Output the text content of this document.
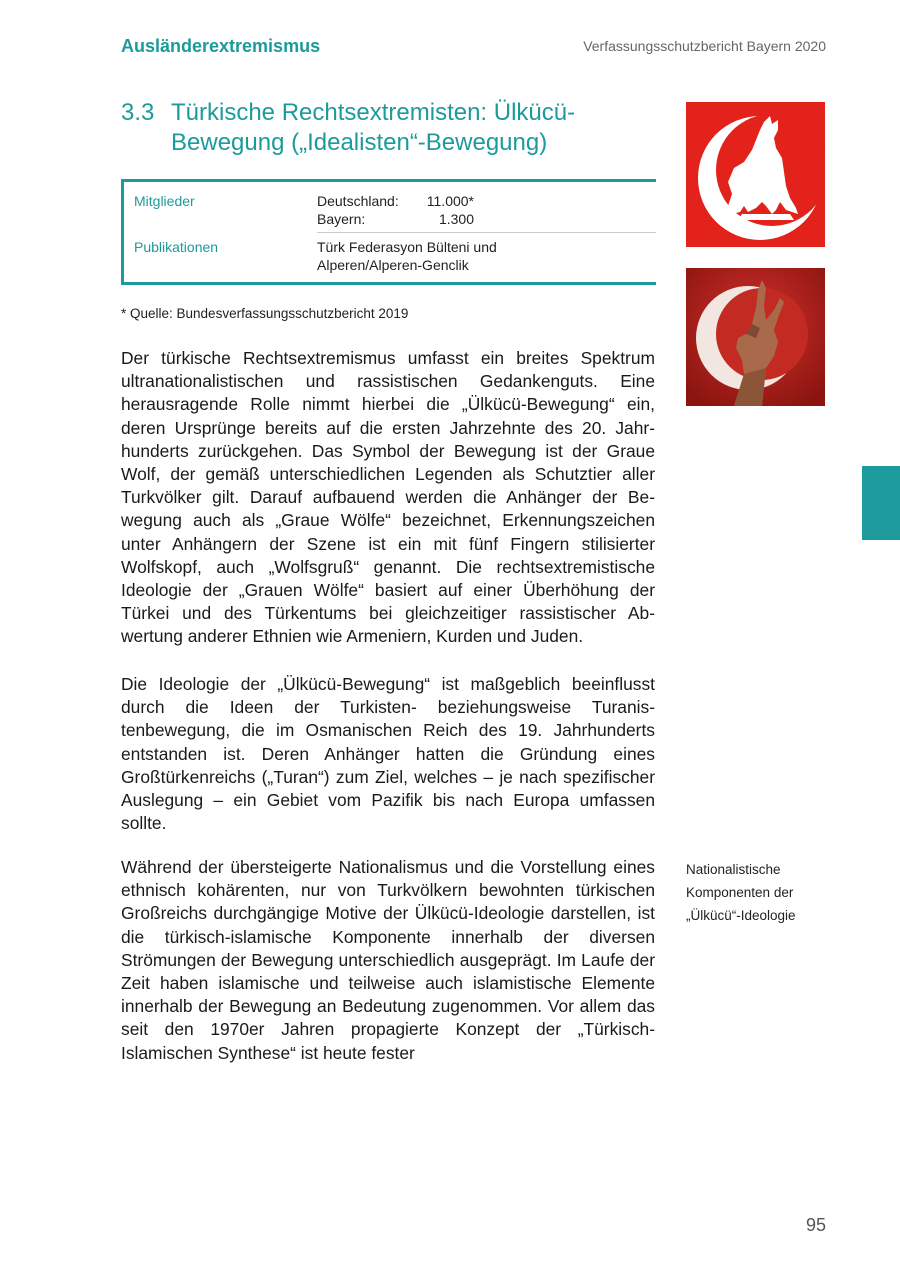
Ausländerextremismus	Verfassungsschutzbericht Bayern 2020
3.3 Türkische Rechtsextremisten: Ülkücü-
Bewegung („Idealisten“-Bewegung)
Mitglieder	Deutschland: 11.000*
Bayern:	1.300
Publikationen	Türk Federasyon Bülteni und
Alperen/Alperen-Genclik
* Quelle: Bundesverfassungsschutzbericht 2019

Der türkische Rechtsextremismus umfasst ein breites Spektrum ultranationalistischen und rassistischen Gedankenguts. Eine herausragende Rolle nimmt hierbei die „Ülkücü-Bewegung“ ein, deren Ursprünge bereits auf die ersten Jahrzehnte des 20. Jahrhunderts zurückgehen. Das Symbol der Bewegung ist der Graue Wolf, der gemäß unterschiedlichen Legenden als Schutztier aller Turkvölker gilt. Darauf aufbauend werden die Anhänger der Bewegung auch als „Graue Wölfe“ bezeichnet, Erkennungszeichen unter Anhängern der Szene ist ein mit fünf Fingern stilisierter Wolfskopf, auch „Wolfsgruß“ genannt. Die rechtsextremistische Ideologie der „Grauen Wölfe“ basiert auf einer Überhöhung der Türkei und des Türkentums bei gleichzeitiger rassistischer Abwertung anderer Ethnien wie Armeniern, Kurden und Juden.

Die Ideologie der „Ülkücü-Bewegung“ ist maßgeblich beeinflusst durch die Ideen der Turkisten- beziehungsweise Turanistenbewegung, die im Osmanischen Reich des 19. Jahrhunderts entstanden ist. Deren Anhänger hatten die Gründung eines Großtürkenreichs („Turan“) zum Ziel, welches – je nach spezifischer Auslegung – ein Gebiet vom Pazifik bis nach Europa umfassen sollte.

Während der übersteigerte Nationalismus und die Vorstellung eines ethnisch kohärenten, nur von Turkvölkern bewohnten türkischen Großreichs durchgängige Motive der Ülkücü-Ideologie darstellen, ist die türkisch-islamische Komponente innerhalb der diversen Strömungen der Bewegung unterschiedlich ausgeprägt. Im Laufe der Zeit haben islamische und teilweise auch islamistische Elemente innerhalb der Bewegung an Bedeutung zugenommen. Vor allem das seit den 1970er Jahren propagierte Konzept der „Türkisch-Islamischen Synthese“ ist heute fester

Nationalistische
Komponenten der
„Ülkücü“-Ideologie
95
